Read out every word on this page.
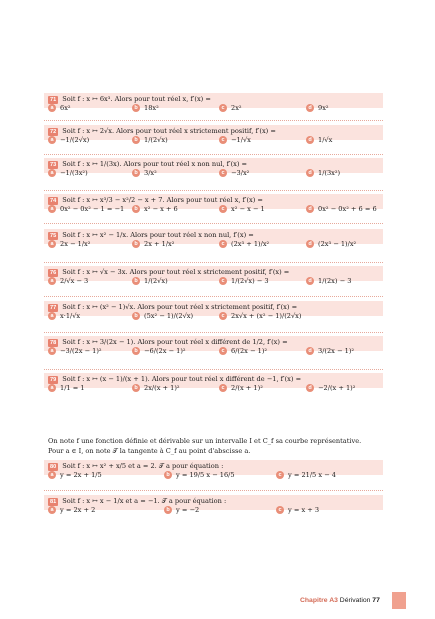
71 Soit f : x ↦ 6x³. Alors pour tout réel x, f′(x) =
a 6x²	b 18x²	c 2x²	d 9x²
72 Soit f : x ↦ 2√x. Alors pour tout réel x strictement positif, f′(x) =
a −1/(2√x)	b 1/(2√x)	c −1/√x	d 1/√x
73 Soit f : x ↦ 1/(3x). Alors pour tout réel x non nul, f′(x) =
a −1/(3x²)	b 3/x²	c −3/x²	d 1/(3x²)
74 Soit f : x ↦ x³/3 − x²/2 − x + 7. Alors pour tout réel x, f′(x) =
a 0x² − 0x² − 1 = −1	b x² − x + 6	c x² − x − 1	d 0x² − 0x² + 6 = 6
75 Soit f : x ↦ x² − 1/x. Alors pour tout réel x non nul, f′(x) =
a 2x − 1/x²	b 2x + 1/x²	c (2x³ + 1)/x²	d (2x³ − 1)/x²
76 Soit f : x ↦ √x − 3x. Alors pour tout réel x strictement positif, f′(x) =
a 2/√x − 3	b 1/(2√x)	c 1/(2√x) − 3	d 1/(2x) − 3
77 Soit f : x ↦ (x² − 1)√x. Alors pour tout réel x strictement positif, f′(x) =
a x·1/√x	b (5x² − 1)/(2√x)	c 2x√x + (x² − 1)/(2√x)
78 Soit f : x ↦ 3/(2x − 1). Alors pour tout réel x différent de 1/2, f′(x) =
a −3/(2x − 1)²	b −6/(2x − 1)²	c 6/(2x − 1)²	d 3/(2x − 1)²
79 Soit f : x ↦ (x − 1)/(x + 1). Alors pour tout réel x différent de −1, f′(x) =
a 1/1 = 1	b 2x/(x + 1)²	c 2/(x + 1)²	d −2/(x + 1)²
On note f une fonction définie et dérivable sur un intervalle I et C_f sa courbe représentative.
Pour a ∈ I, on note 𝒯 la tangente à C_f au point d'abscisse a.
80 Soit f : x ↦ x² + x/5 et a = 2. 𝒯 a pour équation :
a y = 2x + 1/5	b y = 19/5 x − 16/5	c y = 21/5 x − 4
81 Soit f : x ↦ x − 1/x et a = −1. 𝒯 a pour équation :
a y = 2x + 2	b y = −2	c y = x + 3
Chapitre A3 Dérivation 77
